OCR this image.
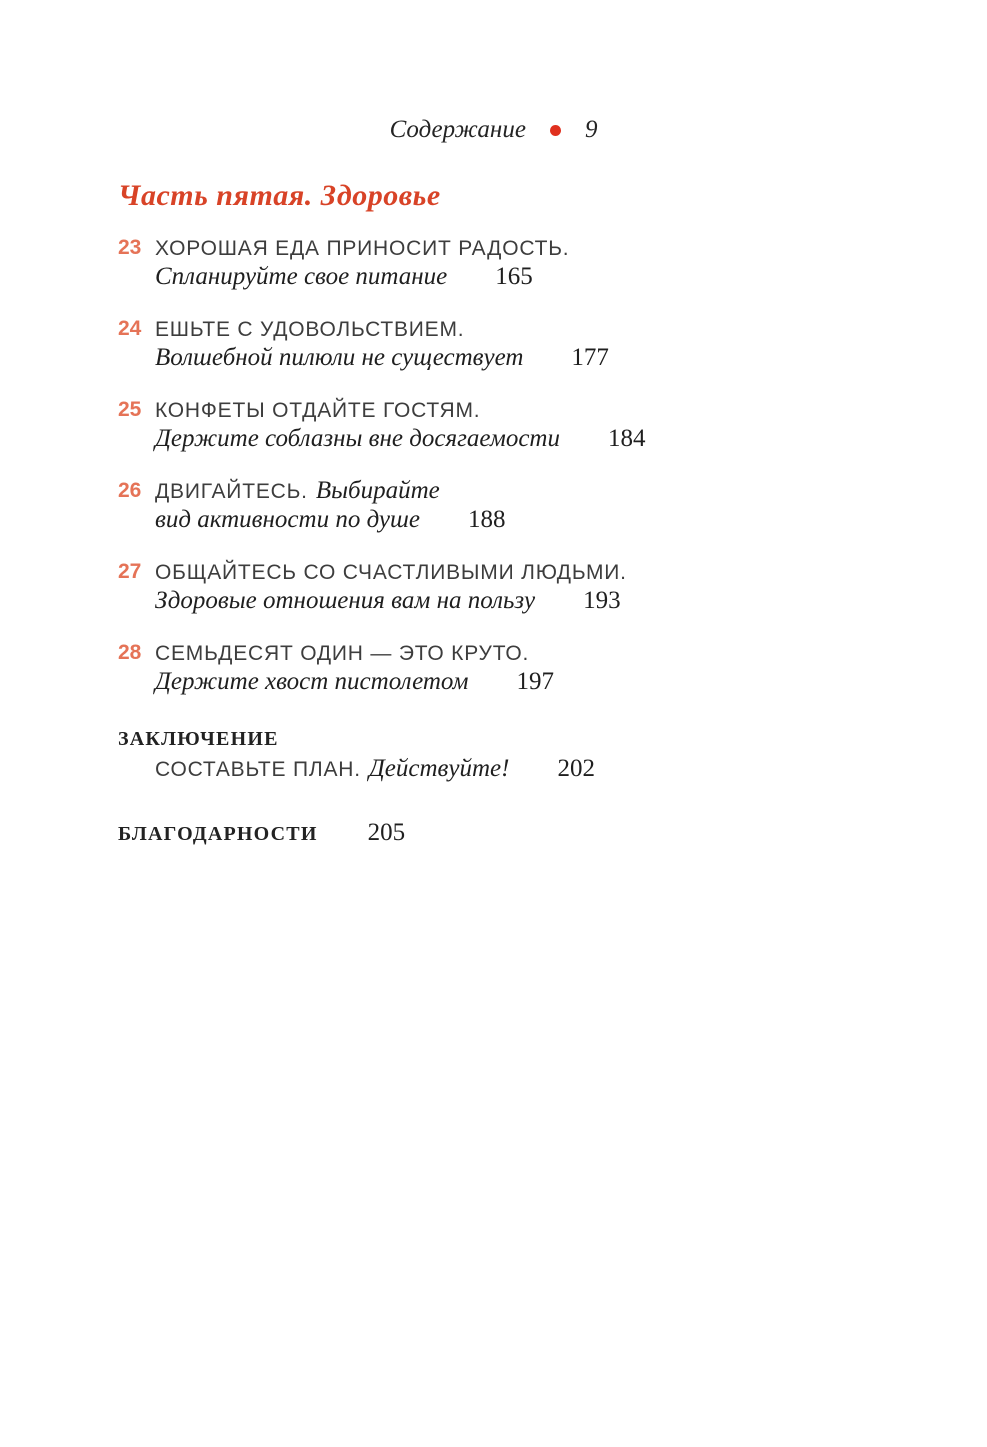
Содержание 9
Часть пятая. Здоровье
23 ХОРОШАЯ ЕДА ПРИНОСИТ РАДОСТЬ.
Спланируйте свое питание 165
24 ЕШЬТЕ С УДОВОЛЬСТВИЕМ.
Волшебной пилюли не существует 177
25 КОНФЕТЫ ОТДАЙТЕ ГОСТЯМ.
Держите соблазны вне досягаемости 184
26 ДВИГАЙТЕСЬ. Выбирайте
вид активности по душе 188
27 ОБЩАЙТЕСЬ СО СЧАСТЛИВЫМИ ЛЮДЬМИ.
Здоровые отношения вам на пользу 193
28 СЕМЬДЕСЯТ ОДИН — ЭТО КРУТО.
Держите хвост пистолетом 197
ЗАКЛЮЧЕНИЕ
СОСТАВЬТЕ ПЛАН. Действуйте! 202
БЛАГОДАРНОСТИ 205
